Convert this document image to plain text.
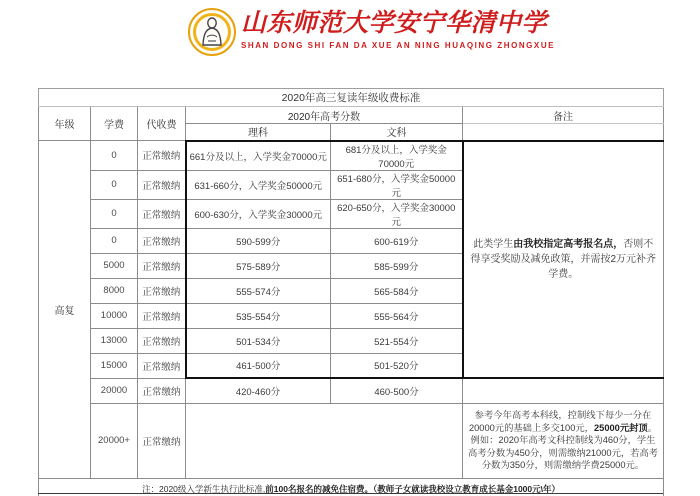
山东师范大学安宁华清中学
SHAN DONG SHI FAN DA XUE AN NING HUAQING ZHONGXUE
2020年高三复读年级收费标准					
年级	学费	代收费	2020年高考分数		备注
			理科	文科	
高复	0	正常缴纳	661分及以上，入学奖金70000元	681分及以上，入学奖金70000元	此类学生由我校指定高考报名点，否则不得享受奖励及减免政策，并需按2万元补齐学费。
	0	正常缴纳	631-660分，入学奖金50000元	651-680分，入学奖金50000元	
	0	正常缴纳	600-630分，入学奖金30000元	620-650分，入学奖金30000元	
	0	正常缴纳	590-599分	600-619分	
	5000	正常缴纳	575-589分	585-599分	
	8000	正常缴纳	555-574分	565-584分	
	10000	正常缴纳	535-554分	555-564分	
	13000	正常缴纳	501-534分	521-554分	
	15000	正常缴纳	461-500分	501-520分	
	20000	正常缴纳	420-460分	460-500分	
	20000+	正常缴纳			参考今年高考本科线，控制线下每少一分在20000元的基础上多交100元，25000元封顶。例如：2020年高考文科控制线为460分，学生高考分数为450分，则需缴纳21000元，若高考分数为350分，则需缴纳学费25000元。
注：2020级入学新生执行此标准,前100名报名的减免住宿费。（教师子女就读我校设立教育成长基金1000元\年）					
